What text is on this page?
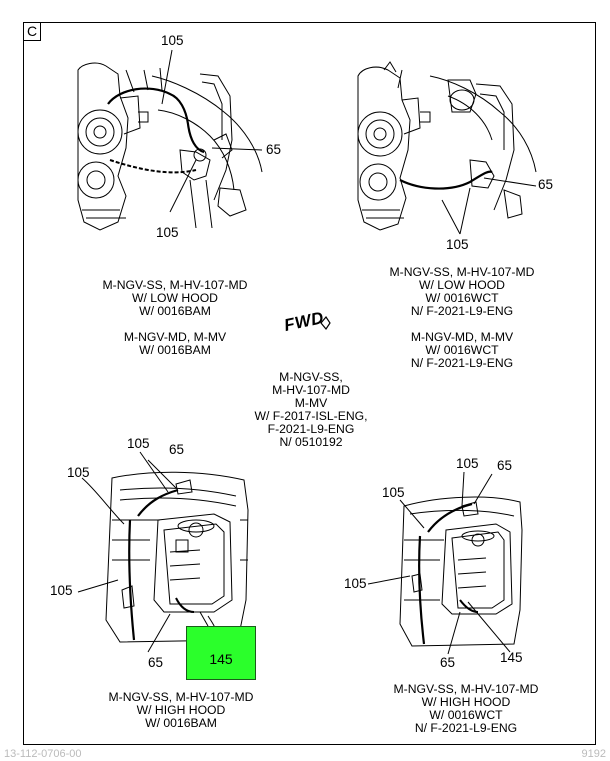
C
105
65
105
65
105
105 65
105
105
65	145
105 65
105
105
65	145
FWD
M-NGV-SS, M-HV-107-MD
W/ LOW HOOD
W/ 0016BAM
M-NGV-MD, M-MV
W/ 0016BAM
M-NGV-SS, M-HV-107-MD
W/ LOW HOOD
W/ 0016WCT
N/ F-2021-L9-ENG
M-NGV-MD, M-MV
W/ 0016WCT
N/ F-2021-L9-ENG
M-NGV-SS,
M-HV-107-MD
M-MV
W/ F-2017-ISL-ENG,
F-2021-L9-ENG
N/ 0510192
M-NGV-SS, M-HV-107-MD
W/ HIGH HOOD
W/ 0016BAM
M-NGV-SS, M-HV-107-MD
W/ HIGH HOOD
W/ 0016WCT
N/ F-2021-L9-ENG
13-112-0706-00	9192
